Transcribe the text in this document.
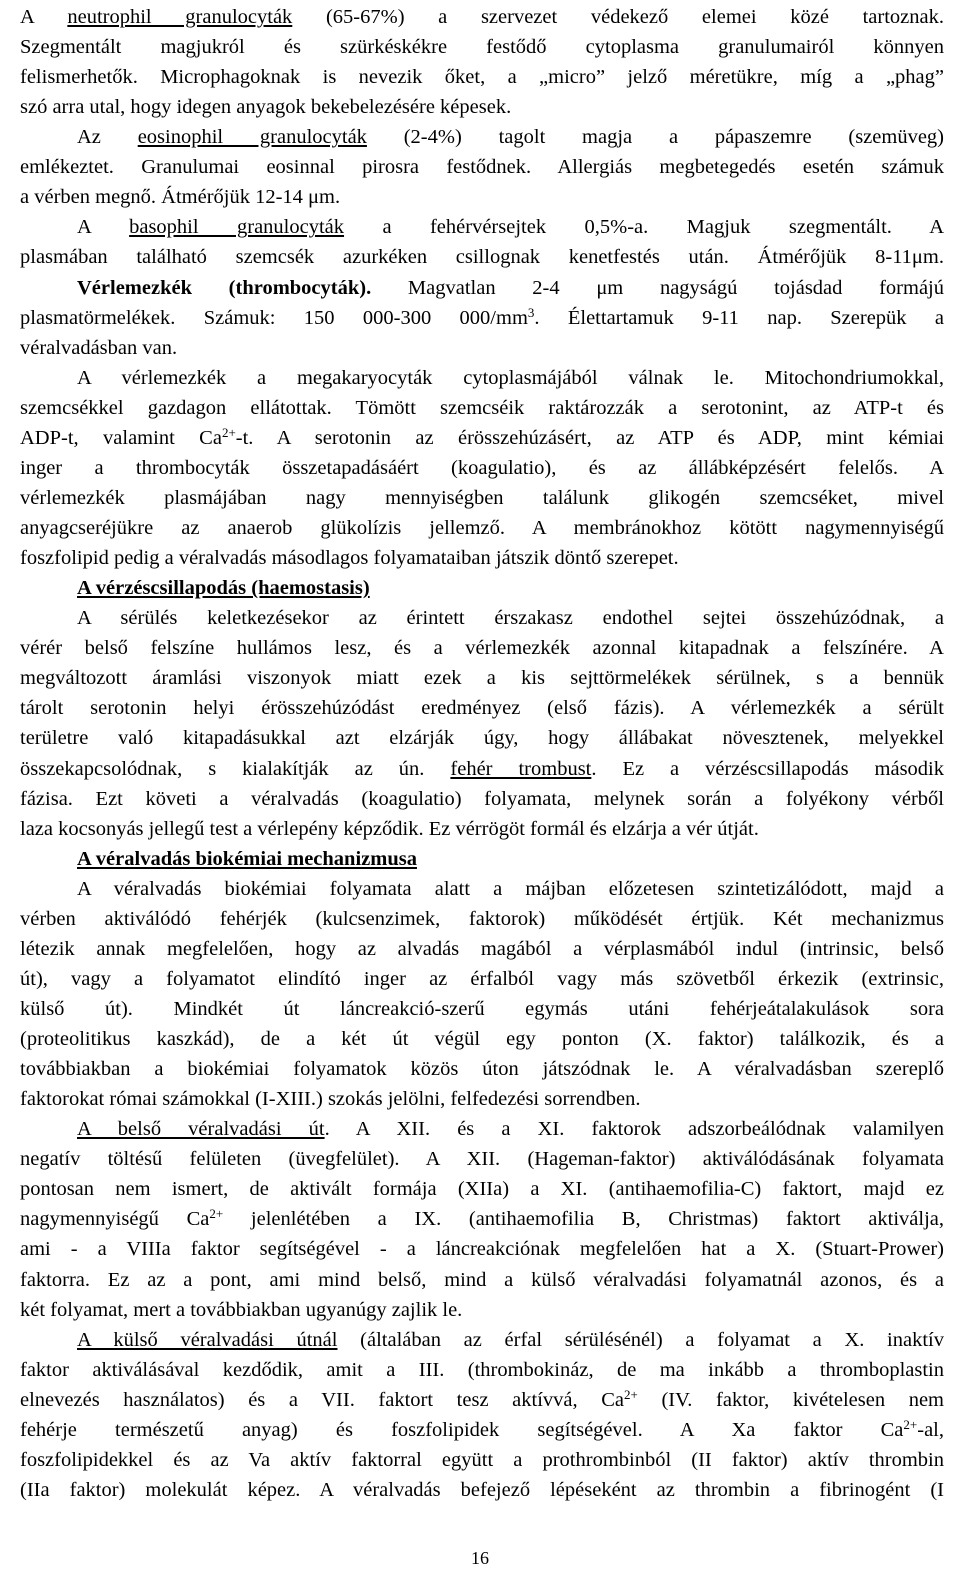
A neutrophil granulocyták (65-67%) a szervezet védekező elemei közé tartoznak.
Szegmentált magjukról és szürkéskékre festődő cytoplasma granulumairól könnyen
felismerhetők. Microphagoknak is nevezik őket, a „micro” jelző méretükre, míg a „phag”
szó arra utal, hogy idegen anyagok bekebelezésére képesek.
Az eosinophil granulocyták (2-4%) tagolt magja a pápaszemre (szemüveg)
emlékeztet. Granulumai eosinnal pirosra festődnek. Allergiás megbetegedés esetén számuk
a vérben megnő. Átmérőjük 12-14 μm.
A basophil granulocyták a fehérvérsejtek 0,5%-a. Magjuk szegmentált. A
plasmában található szemcsék azurkéken csillognak kenetfestés után. Átmérőjük 8-11μm.
Vérlemezkék (thrombocyták). Magvatlan 2-4 μm nagyságú tojásdad formájú
plasmatörmelékek. Számuk: 150 000-300 $000/mm^3$. Élettartamuk 9-11 nap. Szerepük a
véralvadásban van.
A vérlemezkék a megakaryocyták cytoplasmájából válnak le. Mitochondriumokkal,
szemcsékkel gazdagon ellátottak. Tömött szemcséik raktározzák a serotonint, az ATP-t és
ADP-t, valamint $Ca^{2+}-t$. A serotonin az érösszehúzásért, az ATP és ADP, mint kémiai
inger a thrombocyták összetapadásáért (koagulatio), és az állábképzésért felelős. A
vérlemezkék plasmájában nagy mennyiségben találunk glikogén szemcséket, mivel
anyagcseréjükre az anaerob glükolízis jellemző. A membránokhoz kötött nagymennyiségű
foszfolipid pedig a véralvadás másodlagos folyamataiban játszik döntő szerepet.
A vérzéscsillapodás (haemostasis)
A sérülés keletkezésekor az érintett érszakasz endothel sejtei összehúzódnak, a
vérér belső felszíne hullámos lesz, és a vérlemezkék azonnal kitapadnak a felszínére. A
megváltozott áramlási viszonyok miatt ezek a kis sejttörmelékek sérülnek, s a bennük
tárolt serotonin helyi érösszehúzódást eredményez (első fázis). A vérlemezkék a sérült
területre való kitapadásukkal azt elzárják úgy, hogy állábakat növesztenek, melyekkel
összekapcsolódnak, s kialakítják az ún. fehér trombust. Ez a vérzéscsillapodás második
fázisa. Ezt követi a véralvadás (koagulatio) folyamata, melynek során a folyékony vérből
laza kocsonyás jellegű test a vérlepény képződik. Ez vérrögöt formál és elzárja a vér útját.
A véralvadás biokémiai mechanizmusa
A véralvadás biokémiai folyamata alatt a májban előzetesen szintetizálódott, majd a
vérben aktiválódó fehérjék (kulcsenzimek, faktorok) működését értjük. Két mechanizmus
létezik annak megfelelően, hogy az alvadás magából a vérplasmából indul (intrinsic, belső
út), vagy a folyamatot elindító inger az érfalból vagy más szövetből érkezik (extrinsic,
külső út). Mindkét út láncreakció-szerű egymás utáni fehérjeátalakulások sora
(proteolitikus kaszkád), de a két út végül egy ponton (X. faktor) találkozik, és a
továbbiakban a biokémiai folyamatok közös úton játszódnak le. A véralvadásban szereplő
faktorokat római számokkal (I-XIII.) szokás jelölni, felfedezési sorrendben.
A belső véralvadási út. A XII. és a XI. faktorok adszorbeálódnak valamilyen
negatív töltésű felületen (üvegfelület). A XII. (Hageman-faktor) aktiválódásának folyamata
pontosan nem ismert, de aktivált formája (XIIa) a XI. (antihaemofilia-C) faktort, majd ez
nagymennyiségű $Ca^{2+}$ jelenlétében a IX. (antihaemofilia B, Christmas) faktort aktiválja,
ami - a VIIIa faktor segítségével - a láncreakciónak megfelelően hat a X. (Stuart-Prower)
faktorra. Ez az a pont, ami mind belső, mind a külső véralvadási folyamatnál azonos, és a
két folyamat, mert a továbbiakban ugyanúgy zajlik le.
A külső véralvadási útnál (általában az érfal sérülésénél) a folyamat a X. inaktív
faktor aktiválásával kezdődik, amit a III. (thrombokináz, de ma inkább a thromboplastin
elnevezés használatos) és a VII. faktort tesz aktívvá, $Ca^{2+}$ (IV. faktor, kivételesen nem
fehérje természetű anyag) és foszfolipidek segítségével. A Xa faktor $Ca^{2+}-al$,
foszfolipidekkel és az Va aktív faktorral együtt a prothrombinból (II faktor) aktív thrombin
(IIa faktor) molekulát képez. A véralvadás befejező lépéseként az thrombin a fibrinogént (I
16
